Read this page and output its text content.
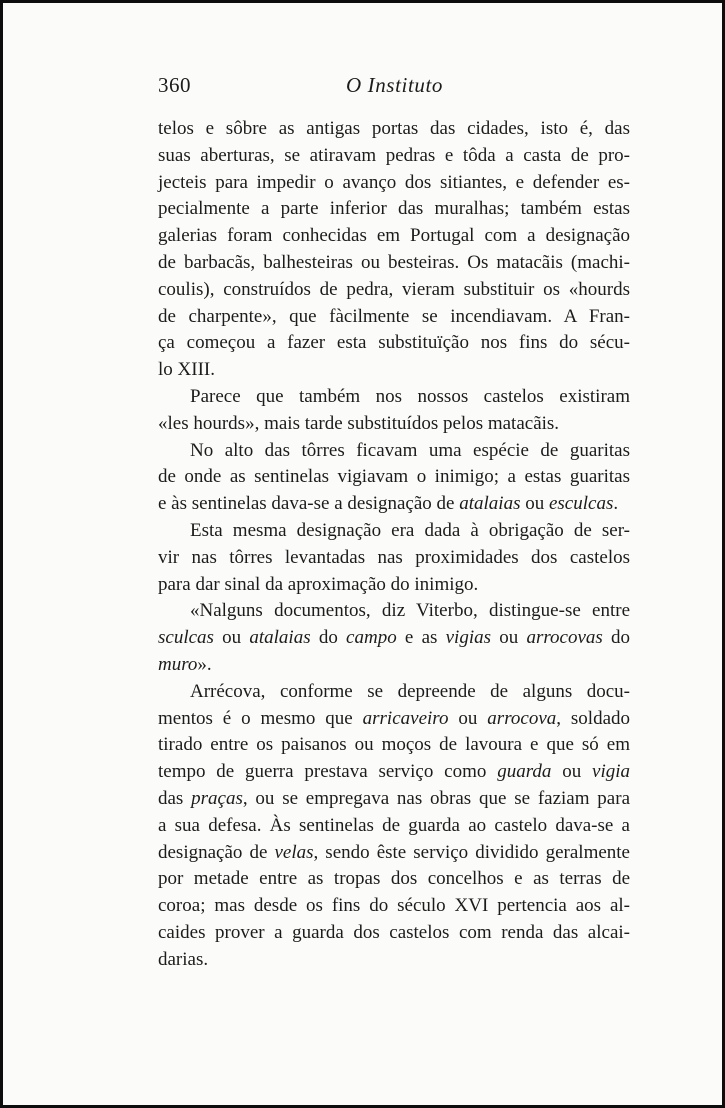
360	O Instituto
telos e sôbre as antigas portas das cidades, isto é, das
suas aberturas, se atiravam pedras e tôda a casta de pro-
jecteis para impedir o avanço dos sitiantes, e defender es-
pecialmente a parte inferior das muralhas; também estas
galerias foram conhecidas em Portugal com a designação
de barbacãs, balhesteiras ou besteiras. Os matacãis (machi-
coulis), construídos de pedra, vieram substituir os «hourds
de charpente», que fàcilmente se incendiavam. A Fran-
ça começou a fazer esta substituïção nos fins do sécu-
lo XIII.
Parece que também nos nossos castelos existiram
«les hourds», mais tarde substituídos pelos matacãis.
No alto das tôrres ficavam uma espécie de guaritas
de onde as sentinelas vigiavam o inimigo; a estas guaritas
e às sentinelas dava-se a designação de atalaias ou esculcas.
Esta mesma designação era dada à obrigação de ser-
vir nas tôrres levantadas nas proximidades dos castelos
para dar sinal da aproximação do inimigo.
«Nalguns documentos, diz Viterbo, distingue-se entre
sculcas ou atalaias do campo e as vigias ou arrocovas do
muro».
Arrécova, conforme se depreende de alguns docu-
mentos é o mesmo que arricaveiro ou arrocova, soldado
tirado entre os paisanos ou moços de lavoura e que só em
tempo de guerra prestava serviço como guarda ou vigia
das praças, ou se empregava nas obras que se faziam para
a sua defesa. Às sentinelas de guarda ao castelo dava-se a
designação de velas, sendo êste serviço dividido geralmente
por metade entre as tropas dos concelhos e as terras de
coroa; mas desde os fins do século XVI pertencia aos al-
caides prover a guarda dos castelos com renda das alcai-
darias.
